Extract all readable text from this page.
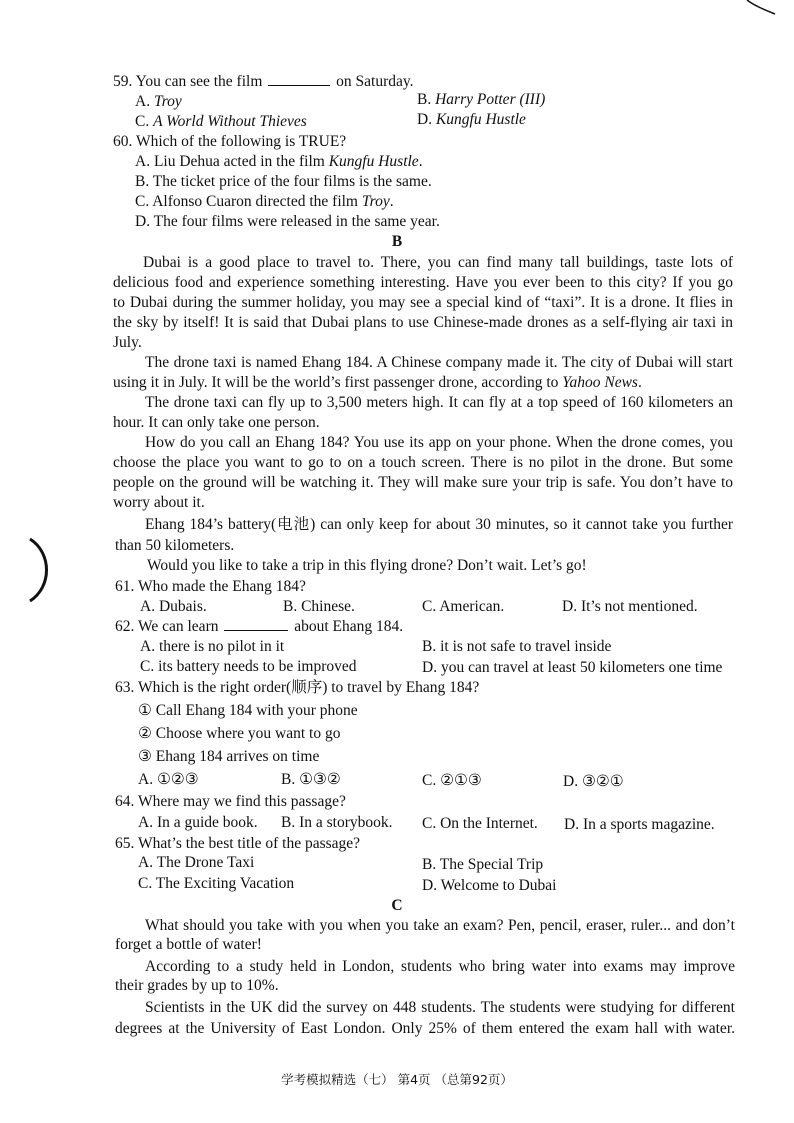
59. You can see the film	on Saturday.
A. Troy	B. Harry Potter (III)
C. A World Without Thieves	D. Kungfu Hustle
60. Which of the following is TRUE?
A. Liu Dehua acted in the film Kungfu Hustle.
B. The ticket price of the four films is the same.
C. Alfonso Cuaron directed the film Troy.
D. The four films were released in the same year.
B
Dubai is a good place to travel to. There, you can find many tall buildings, taste lots of
delicious food and experience something interesting. Have you ever been to this city? If you go
to Dubai during the summer holiday, you may see a special kind of “taxi”. It is a drone. It flies in
the sky by itself! It is said that Dubai plans to use Chinese-made drones as a self-flying air taxi in
July.
The drone taxi is named Ehang 184. A Chinese company made it. The city of Dubai will start
using it in July. It will be the world’s first passenger drone, according to Yahoo News.
The drone taxi can fly up to 3,500 meters high. It can fly at a top speed of 160 kilometers an
hour. It can only take one person.
How do you call an Ehang 184? You use its app on your phone. When the drone comes, you
choose the place you want to go to on a touch screen. There is no pilot in the drone. But some
people on the ground will be watching it. They will make sure your trip is safe. You don’t have to
worry about it.
Ehang 184’s battery(电池) can only keep for about 30 minutes, so it cannot take you further
than 50 kilometers.
Would you like to take a trip in this flying drone? Don’t wait. Let’s go!
61. Who made the Ehang 184?
A. Dubais.	B. Chinese.	C. American.	D. It’s not mentioned.
62. We can learn	about Ehang 184.
A. there is no pilot in it	B. it is not safe to travel inside
C. its battery needs to be improved	D. you can travel at least 50 kilometers one time
63. Which is the right order(顺序) to travel by Ehang 184?
① Call Ehang 184 with your phone
② Choose where you want to go
③ Ehang 184 arrives on time
A. ①②③	B. ①③②	C. ②①③	D. ③②①
64. Where may we find this passage?
A. In a guide book. B. In a storybook. C. On the Internet. D. In a sports magazine.
65. What’s the best title of the passage?
A. The Drone Taxi	B. The Special Trip
C. The Exciting Vacation	D. Welcome to Dubai
C
What should you take with you when you take an exam? Pen, pencil, eraser, ruler... and don’t
forget a bottle of water!
According to a study held in London, students who bring water into exams may improve
their grades by up to 10%.
Scientists in the UK did the survey on 448 students. The students were studying for different
degrees at the University of East London. Only 25% of them entered the exam hall with water.
学考模拟精选（七） 第4页 （总第92页）
